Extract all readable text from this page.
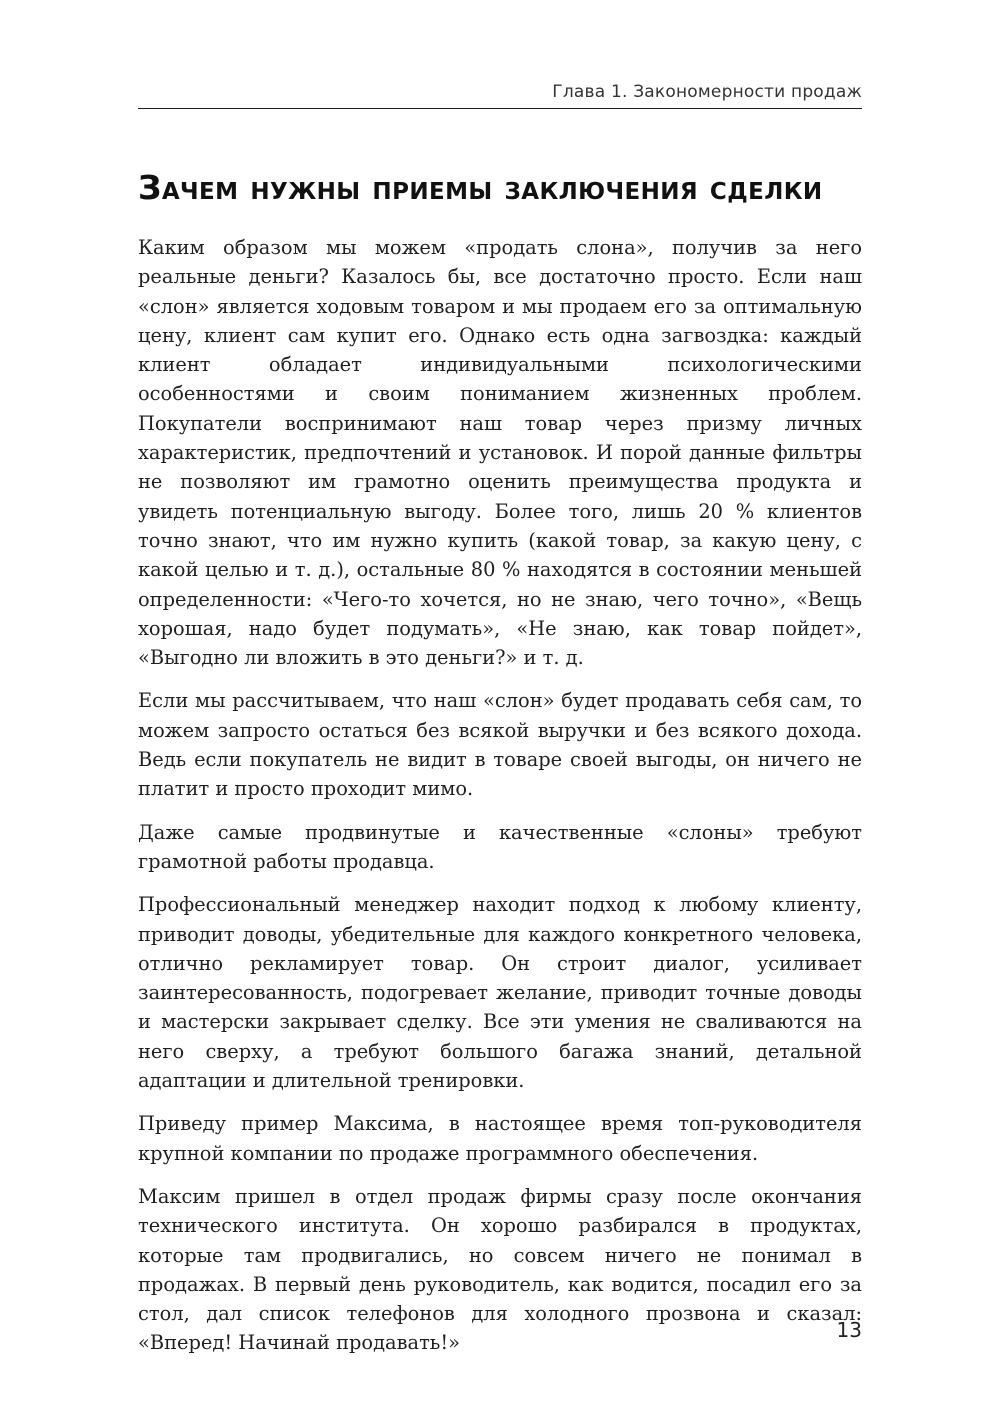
Глава 1. Закономерности продаж
Зачем нужны приемы заключения сделки

Каким образом мы можем «продать слона», получив за него реальные деньги? Казалось бы, все достаточно просто. Если наш «слон» является ходовым товаром и мы продаем его за оптимальную цену, клиент сам купит его. Однако есть одна загвоздка: каждый клиент обладает индивидуальными психологическими особенностями и своим пониманием жизненных проблем. Покупатели воспринимают наш товар через призму личных характеристик, предпочтений и установок. И порой данные фильтры не позволяют им грамотно оценить преимущества продукта и увидеть потенциальную выгоду. Более того, лишь 20 % клиентов точно знают, что им нужно купить (какой товар, за какую цену, с какой целью и т. д.), остальные 80 % находятся в состоянии меньшей определенности: «Чего-то хочется, но не знаю, чего точно», «Вещь хорошая, надо будет подумать», «Не знаю, как товар пойдет», «Выгодно ли вложить в это деньги?» и т. д.

Если мы рассчитываем, что наш «слон» будет продавать себя сам, то можем запросто остаться без всякой выручки и без всякого дохода. Ведь если покупатель не видит в товаре своей выгоды, он ничего не платит и просто проходит мимо.

Даже самые продвинутые и качественные «слоны» требуют грамотной работы продавца.

Профессиональный менеджер находит подход к любому клиенту, приводит доводы, убедительные для каждого конкретного человека, отлично рекламирует товар. Он строит диалог, усиливает заинтересованность, подогревает желание, приводит точные доводы и мастерски закрывает сделку. Все эти умения не сваливаются на него сверху, а требуют большого багажа знаний, детальной адаптации и длительной тренировки.

Приведу пример Максима, в настоящее время топ-руководителя крупной компании по продаже программного обеспечения.

Максим пришел в отдел продаж фирмы сразу после окончания технического института. Он хорошо разбирался в продуктах, которые там продвигались, но совсем ничего не понимал в продажах. В первый день руководитель, как водится, посадил его за стол, дал список телефонов для холодного прозвона и сказал: «Вперед! Начинай продавать!»

13
